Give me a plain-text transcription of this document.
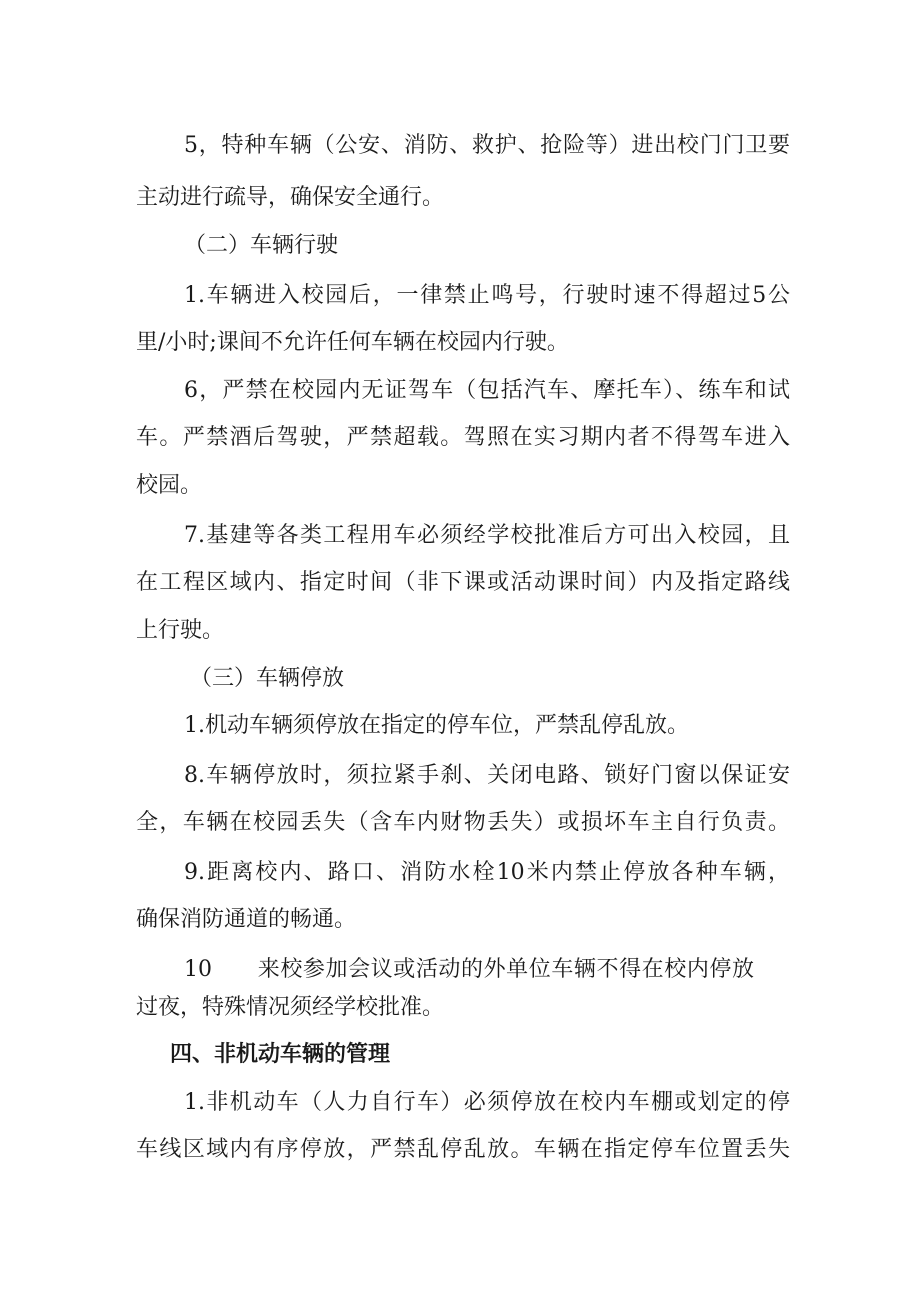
5，特种车辆（公安、消防、救护、抢险等）进出校门门卫要
主动进行疏导，确保安全通行。
（二）车辆行驶
1.车辆进入校园后，一律禁止鸣号，行驶时速不得超过5公
里/小时;课间不允许任何车辆在校园内行驶。
6，严禁在校园内无证驾车（包括汽车、摩托车）、练车和试
车。严禁酒后驾驶，严禁超载。驾照在实习期内者不得驾车进入
校园。
7.基建等各类工程用车必须经学校批准后方可出入校园，且
在工程区域内、指定时间（非下课或活动课时间）内及指定路线
上行驶。
（三）车辆停放
1.机动车辆须停放在指定的停车位，严禁乱停乱放。
8.车辆停放时，须拉紧手刹、关闭电路、锁好门窗以保证安
全，车辆在校园丢失（含车内财物丢失）或损坏车主自行负责。
9.距离校内、路口、消防水栓10米内禁止停放各种车辆，
确保消防通道的畅通。
10　　来校参加会议或活动的外单位车辆不得在校内停放
过夜，特殊情况须经学校批准。
四、非机动车辆的管理
1.非机动车（人力自行车）必须停放在校内车棚或划定的停
车线区域内有序停放，严禁乱停乱放。车辆在指定停车位置丢失
